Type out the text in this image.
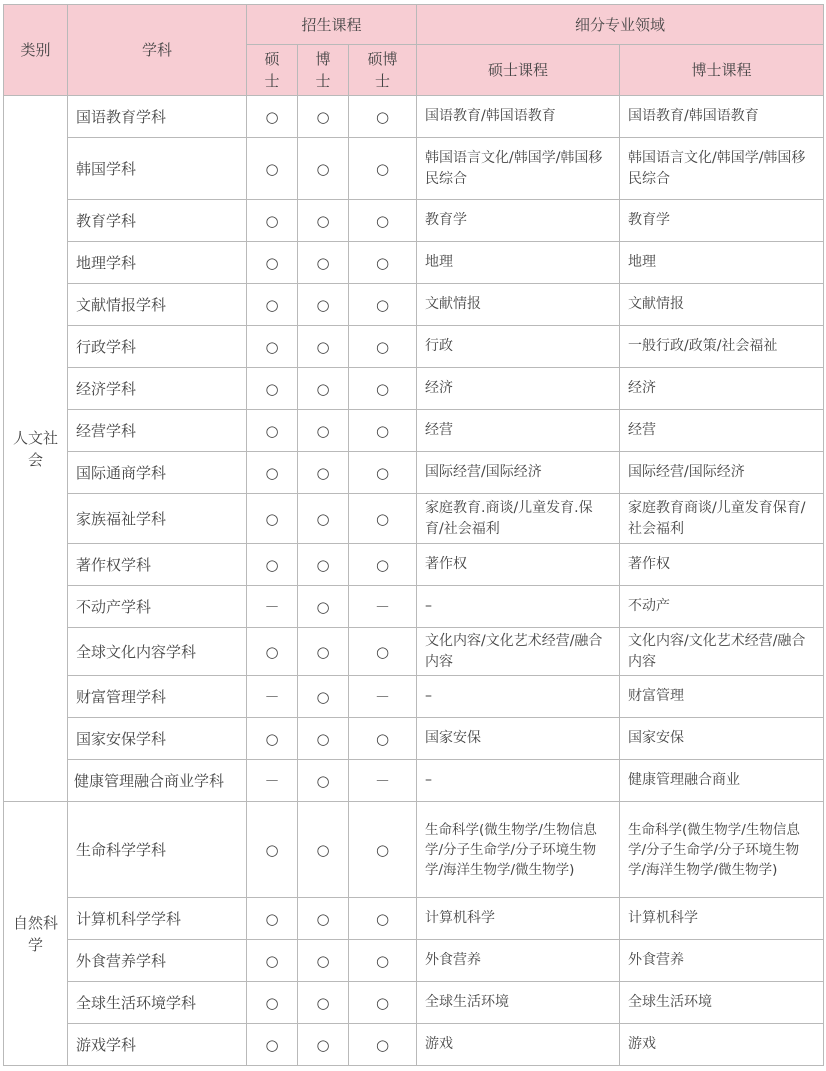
类别	学科	招生课程			细分专业领域	
		硕士	博士	硕博士	硕士课程	博士课程
人文社会	国语教育学科	○	○	○	国语教育/韩国语教育	国语教育/韩国语教育
	韩国学科	○	○	○	韩国语言文化/韩国学/韩国移民综合	韩国语言文化/韩国学/韩国移民综合
	教育学科	○	○	○	教育学	教育学
	地理学科	○	○	○	地理	地理
	文献情报学科	○	○	○	文献情报	文献情报
	行政学科	○	○	○	行政	一般行政/政策/社会福祉
	经济学科	○	○	○	经济	经济
	经营学科	○	○	○	经营	经营
	国际通商学科	○	○	○	国际经营/国际经济	国际经营/国际经济
	家族福祉学科	○	○	○	家庭教育.商谈/儿童发育.保育/社会福利	家庭教育商谈/儿童发育保育/社会福利
	著作权学科	○	○	○	著作权	著作权
	不动产学科	－	○	－	–	不动产
	全球文化内容学科	○	○	○	文化内容/文化艺术经营/融合内容	文化内容/文化艺术经营/融合内容
	财富管理学科	－	○	－	–	财富管理
	国家安保学科	○	○	○	国家安保	国家安保
	健康管理融合商业学科	－	○	－	–	健康管理融合商业
自然科学	生命科学学科	○	○	○	生命科学(微生物学/生物信息学/分子生命学/分子环境生物学/海洋生物学/微生物学)	生命科学(微生物学/生物信息学/分子生命学/分子环境生物学/海洋生物学/微生物学)
	计算机科学学科	○	○	○	计算机科学	计算机科学
	外食营养学科	○	○	○	外食营养	外食营养
	全球生活环境学科	○	○	○	全球生活环境	全球生活环境
	游戏学科	○	○	○	游戏	游戏
